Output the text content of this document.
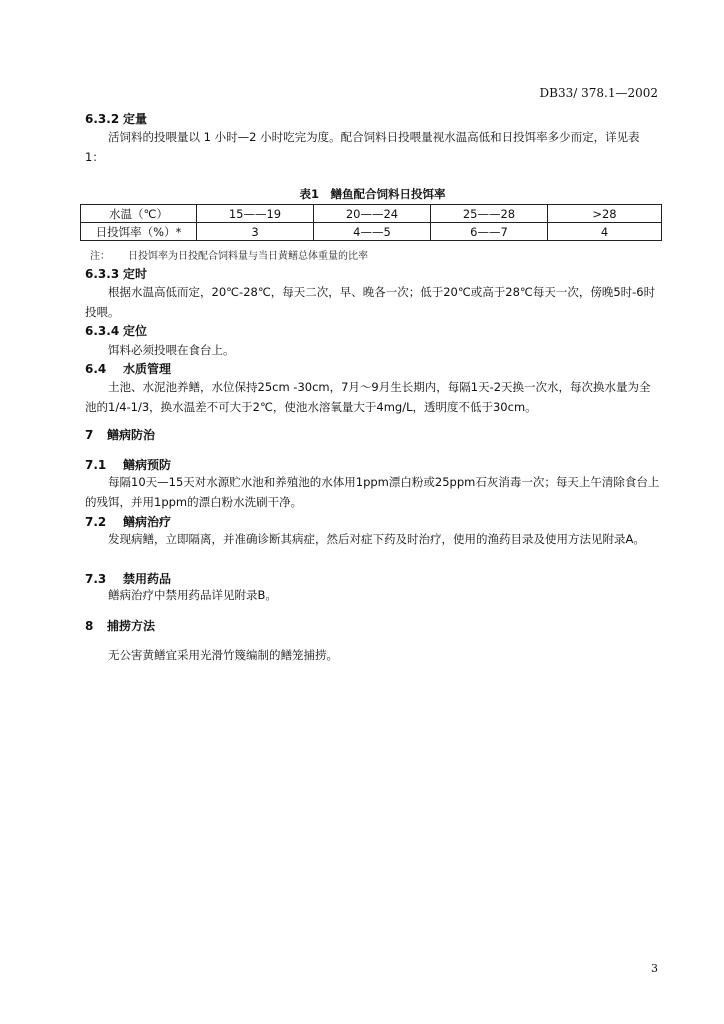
DB33/ 378.1—2002
6.3.2 定量
活饲料的投喂量以 1 小时—2 小时吃完为度。配合饲料日投喂量视水温高低和日投饵率多少而定，详见表 1：
表1　鳝鱼配合饲料日投饵率
水温（℃）	15——19	20——24	25——28	>28
日投饵率（%）*	3	4——5	6——7	4
注： 日投饵率为日投配合饲料量与当日黄鳝总体重量的比率
6.3.3 定时
根据水温高低而定，20℃-28℃，每天二次，早、晚各一次；低于20℃或高于28℃每天一次，傍晚5时-6时投喂。
6.3.4 定位
饵料必须投喂在食台上。
6.4 水质管理
土池、水泥池养鳝，水位保持25cm -30cm，7月～9月生长期内，每隔1天-2天换一次水，每次换水量为全池的1/4-1/3，换水温差不可大于2℃，使池水溶氧量大于4mg/L，透明度不低于30cm。
7 鳝病防治
7.1 鳝病预防
每隔10天—15天对水源贮水池和养殖池的水体用1ppm漂白粉或25ppm石灰消毒一次；每天上午清除食台上的残饵，并用1ppm的漂白粉水洗刷干净。
7.2 鳝病治疗
发现病鳝，立即隔离，并准确诊断其病症，然后对症下药及时治疗，使用的渔药目录及使用方法见附录A。
7.3 禁用药品
鳝病治疗中禁用药品详见附录B。
8 捕捞方法
无公害黄鳝宜采用光滑竹篾编制的鳝笼捕捞。
3
